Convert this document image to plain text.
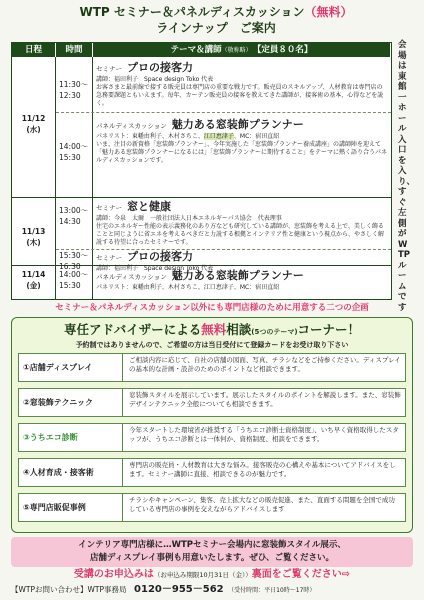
WTP セミナー＆パネルディスカッション（無料）
ラインナップ　ご案内
日程	時間	テーマ＆講師（敬称略）　 【定員８０名】
11/12
(水)
11:30～
12:30
セミナー プロの接客力
講師：福田利子　Space design Toko 代表
お客さまと最前線で接する販売員は専門店の重要な戦力です。販売員のスキルアップ、人材教育は専門店の急務要課題ともいえます。毎年、カーテン販売員の接客を教えてきた講師が、接客術の基本、心得などを説く。
14:00～
15:30
パネルディスカッション 魅力ある窓装飾プランナー
パネリスト：東幡由利子、木村さちこ、江口恵津子、MC：宿田直紹
いま、注目の新資格「窓装飾プランナー」、今年実施した「窓装飾プランナー養成講座」の講師陣を迎えて「魅力ある窓装飾プランナーになるには」「窓装飾プランナーに期待すること」をテーマに熱く語り合うパネルディスカッションです。
11/13
(木)
13:00～
14:30
セミナー 窓と健康
講師：今泉　太爾　一般社団法人日本エネルギーパス協会　代表理事
住宅のエネルギー性能の表示義務化のあり方なども研究している講師が、窓装飾を考える上で、美しく飾ることと同じように省エネを考えるべきだと力説する根拠とインテリア性と健康という視点から、やさしく解説する待望に合ったセミナーです。
15:30～
16:30
セミナー プロの接客力
講師：福田利子　Space design Toko 代表
11/14
(金)
14:00～
15:30
パネルディスカッション 魅力ある窓装飾プランナー
パネリスト：東幡由利子、木村さちこ、江口恵津子、MC：宿田直紹
会場は東館一ホール入口を入り、すぐ左側がWTPルームです
セミナー＆パネルディスカッション以外にも専門店様のために用意する二つの企画
専任アドバイザーによる無料相談(5つのテーマ)コーナー！
予約制ではありませんので、ご希望の方は当日受付にて登録カードをお受け取り下さい
①店舗ディスプレイ
ご相談内容に応じて、自社の店舗の図面、写真、チラシなどをご持参ください。ディスプレイの基本的な計画・設計のためのポイントなど相談できます。
②窓装飾テクニック
窓装飾スタイルを展示しています。展示したスタイルのポイントを解説します。また、窓装飾デザインテクニック全般についても相談できます。
③うちエコ診断
今年スタートした環境省が推奨する「うちエコ診断士資格制度」、いち早く資格取得したスタッフが、うちエコ診断とは一体何か、資格制度、相談をできます。
④人材育成・接客術
専門店の販売員・人材教育は大きな悩み。接客販売の心構えや基本についてアドバイスをします。セミナー講師に直接、相談できるのが魅力です。
⑤専門店販促事例
チラシやキャンペーン、集客、売上拡大などの販売促進、また、直面する問題を全国で成功している専門店の事例を交えながらアドバイスします
インテリア専門店様に…WTPセミナー会場内に窓装飾スタイル展示、
店舗ディスプレイ事例も用意いたします。ぜひ、ご覧ください。
受講のお申込みは（お申込み期限10月31日（金））裏面をご覧ください⇨
【WTPお問い合わせ】WTP事務局　 0120－955－562　 （受付時間：平日10時～17時）
